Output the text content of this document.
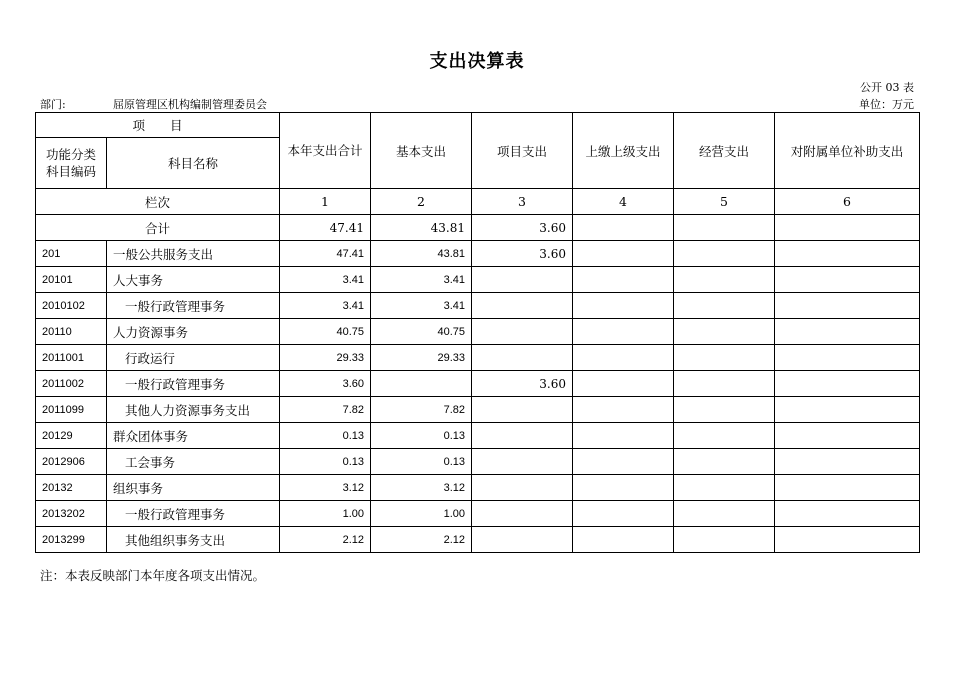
支出决算表
公开 03 表
部门:	屈原管理区机构编制管理委员会	单位：万元
项　　目		本年支出合计	基本支出	项目支出	上缴上级支出	经营支出	对附属单位补助支出
功能分类科目编码	科目名称						
栏次		1	2	3	4	5	6
合计		47.41	43.81	3.60			
201	一般公共服务支出	47.41	43.81	3.60			
20101	人大事务	3.41	3.41				
2010102	一般行政管理事务	3.41	3.41				
20110	人力资源事务	40.75	40.75				
2011001	行政运行	29.33	29.33				
2011002	一般行政管理事务	3.60		3.60			
2011099	其他人力资源事务支出	7.82	7.82				
20129	群众团体事务	0.13	0.13				
2012906	工会事务	0.13	0.13				
20132	组织事务	3.12	3.12				
2013202	一般行政管理事务	1.00	1.00				
2013299	其他组织事务支出	2.12	2.12				
注：本表反映部门本年度各项支出情况。
